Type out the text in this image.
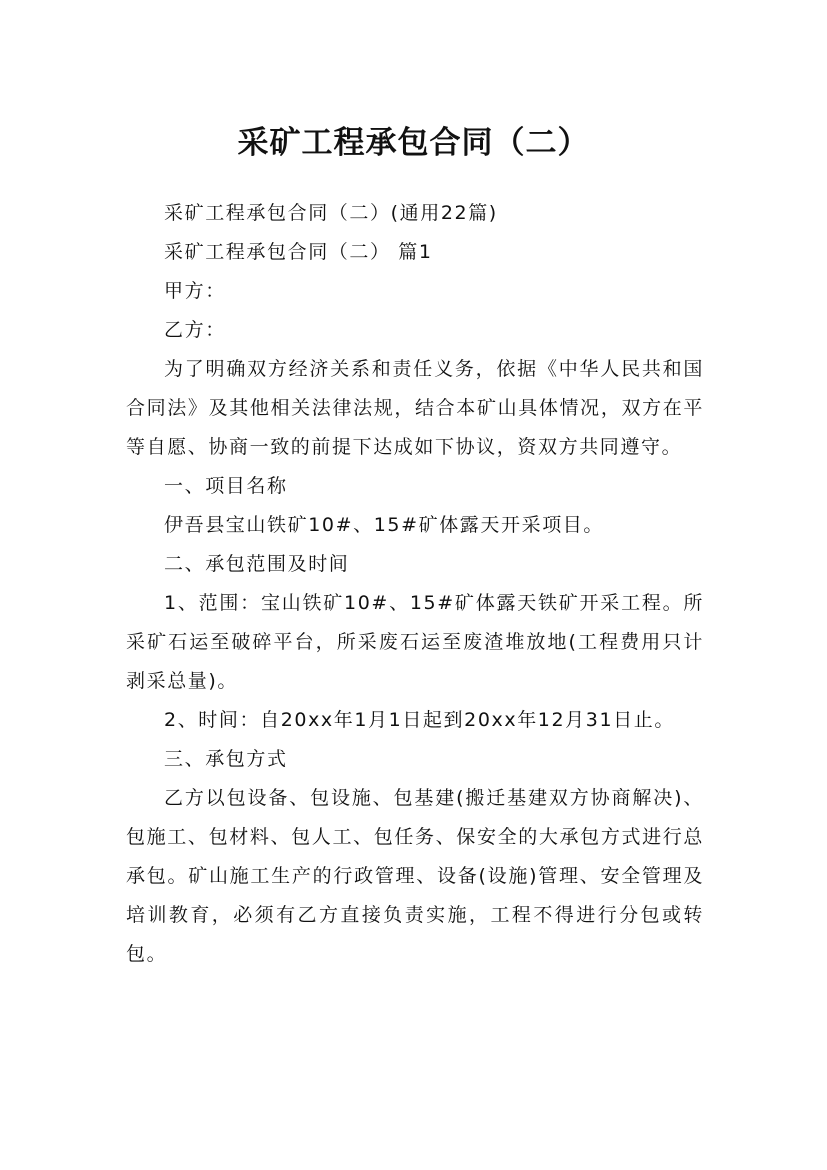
采矿工程承包合同（二）

采矿工程承包合同（二）(通用22篇)

采矿工程承包合同（二） 篇1

甲方：

乙方：

为了明确双方经济关系和责任义务，依据《中华人民共和国合同法》及其他相关法律法规，结合本矿山具体情况，双方在平等自愿、协商一致的前提下达成如下协议，资双方共同遵守。

一、项目名称

伊吾县宝山铁矿10#、15#矿体露天开采项目。

二、承包范围及时间

1、范围：宝山铁矿10#、15#矿体露天铁矿开采工程。所采矿石运至破碎平台，所采废石运至废渣堆放地(工程费用只计剥采总量)。

2、时间：自20xx年1月1日起到20xx年12月31日止。

三、承包方式

乙方以包设备、包设施、包基建(搬迁基建双方协商解决)、包施工、包材料、包人工、包任务、保安全的大承包方式进行总承包。矿山施工生产的行政管理、设备(设施)管理、安全管理及培训教育，必须有乙方直接负责实施，工程不得进行分包或转包。
